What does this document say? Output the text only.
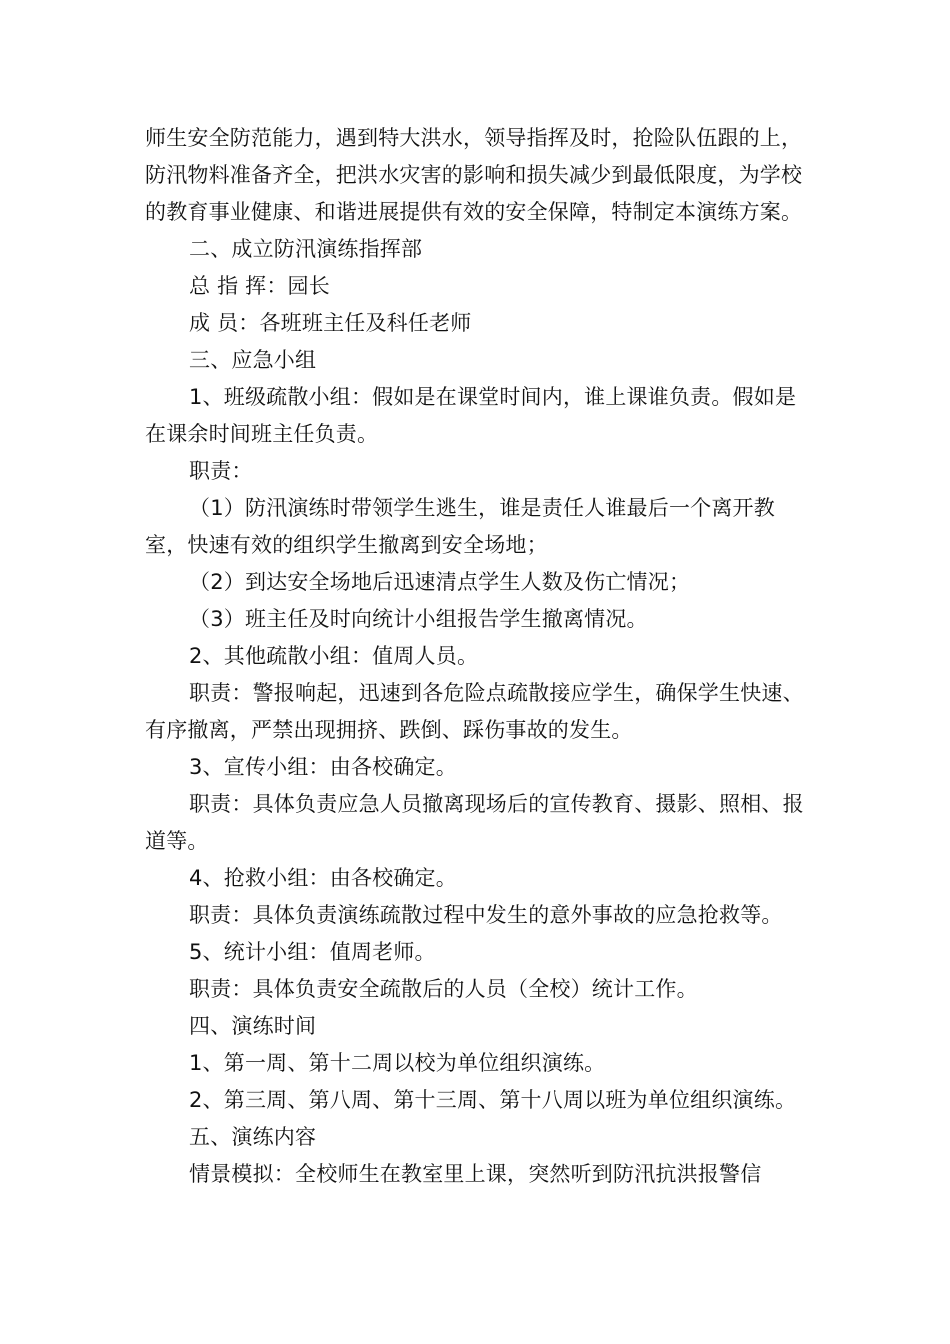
师生安全防范能力，遇到特大洪水，领导指挥及时，抢险队伍跟的上，防汛物料准备齐全，把洪水灾害的影响和损失减少到最低限度，为学校的教育事业健康、和谐进展提供有效的安全保障，特制定本演练方案。

二、成立防汛演练指挥部

总 指 挥：园长

成 员：各班班主任及科任老师

三、应急小组

1、班级疏散小组：假如是在课堂时间内，谁上课谁负责。假如是在课余时间班主任负责。

职责：

（1）防汛演练时带领学生逃生，谁是责任人谁最后一个离开教室，快速有效的组织学生撤离到安全场地；

（2）到达安全场地后迅速清点学生人数及伤亡情况；

（3）班主任及时向统计小组报告学生撤离情况。

2、其他疏散小组：值周人员。

职责：警报响起，迅速到各危险点疏散接应学生，确保学生快速、有序撤离，严禁出现拥挤、跌倒、踩伤事故的发生。

3、宣传小组：由各校确定。

职责：具体负责应急人员撤离现场后的宣传教育、摄影、照相、报道等。

4、抢救小组：由各校确定。

职责：具体负责演练疏散过程中发生的意外事故的应急抢救等。

5、统计小组：值周老师。

职责：具体负责安全疏散后的人员（全校）统计工作。

四、演练时间

1、第一周、第十二周以校为单位组织演练。

2、第三周、第八周、第十三周、第十八周以班为单位组织演练。

五、演练内容

情景模拟：全校师生在教室里上课，突然听到防汛抗洪报警信
